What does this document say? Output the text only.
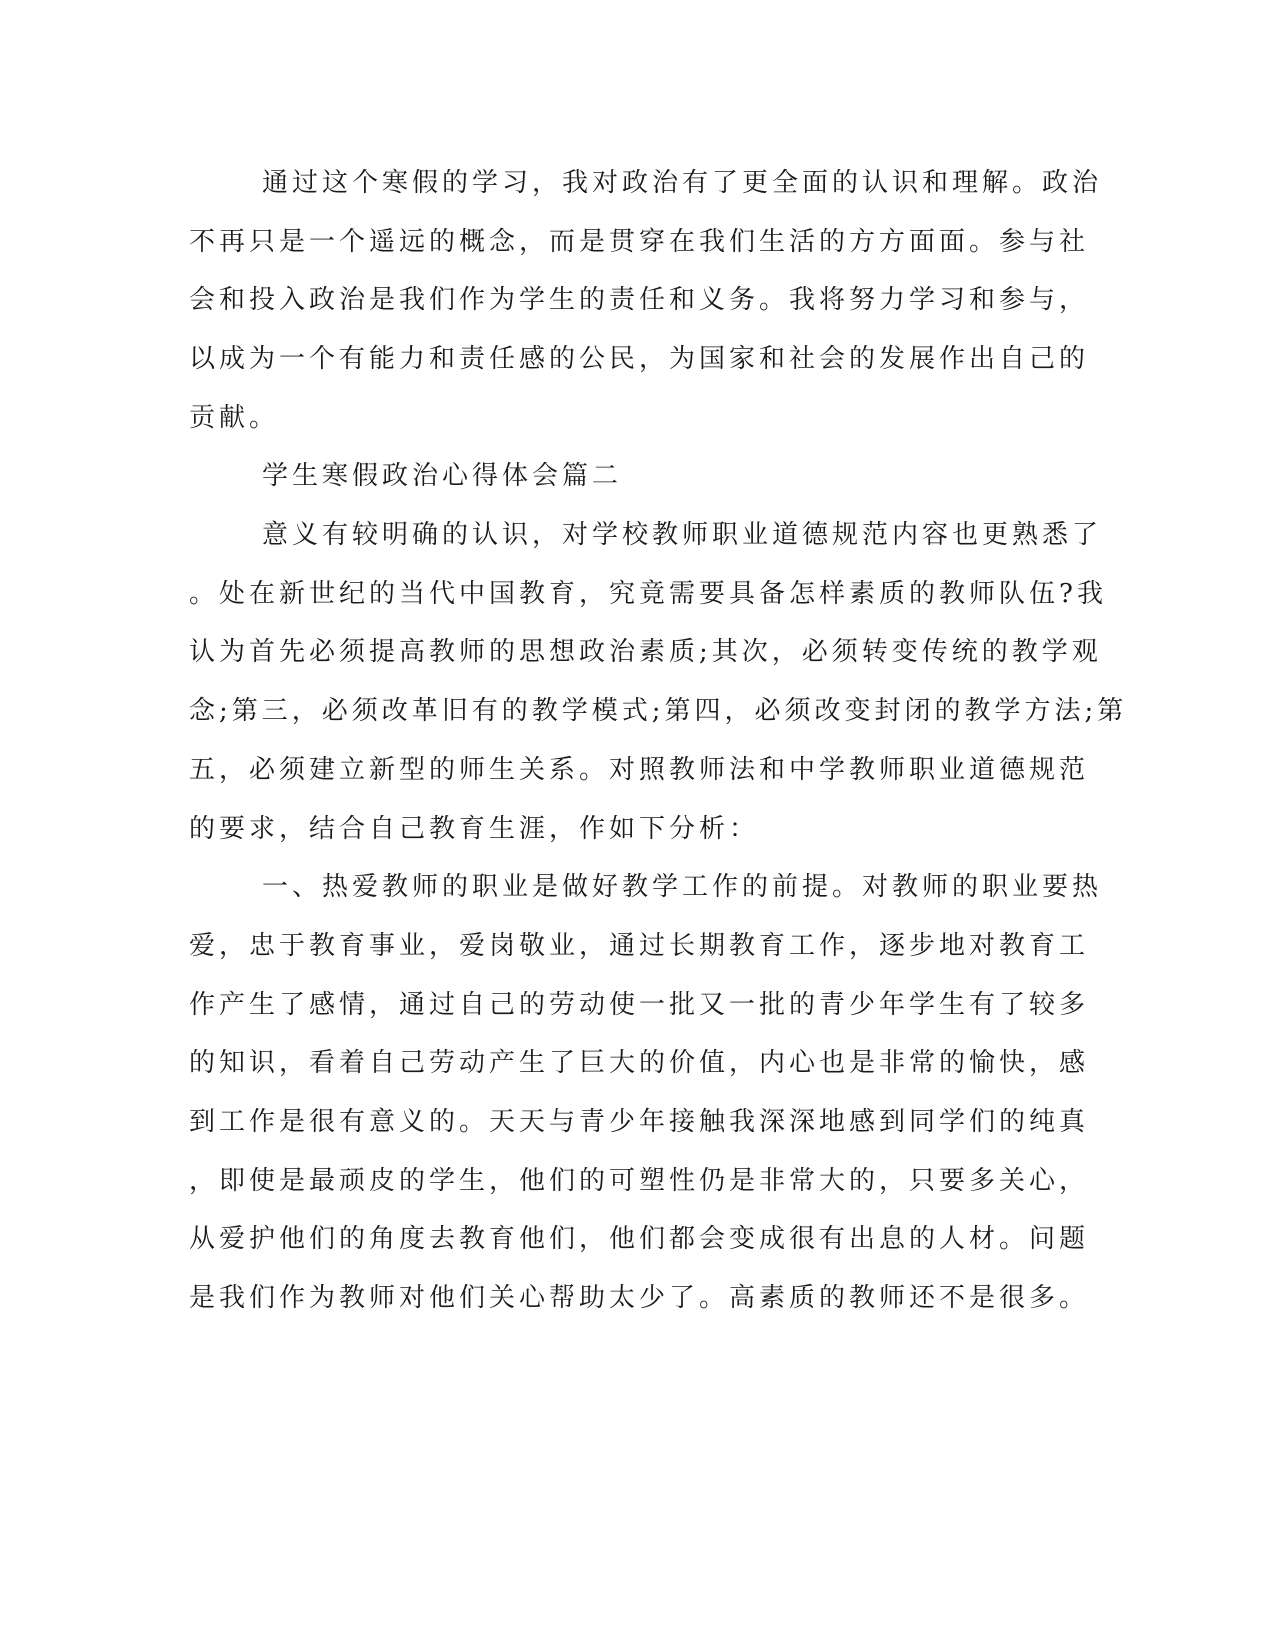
通过这个寒假的学习，我对政治有了更全面的认识和理解。政治
不再只是一个遥远的概念，而是贯穿在我们生活的方方面面。参与社
会和投入政治是我们作为学生的责任和义务。我将努力学习和参与，
以成为一个有能力和责任感的公民，为国家和社会的发展作出自己的
贡献。
学生寒假政治心得体会篇二
意义有较明确的认识，对学校教师职业道德规范内容也更熟悉了
。处在新世纪的当代中国教育，究竟需要具备怎样素质的教师队伍?我
认为首先必须提高教师的思想政治素质;其次，必须转变传统的教学观
念;第三，必须改革旧有的教学模式;第四，必须改变封闭的教学方法;第
五，必须建立新型的师生关系。对照教师法和中学教师职业道德规范
的要求，结合自己教育生涯，作如下分析：
一、热爱教师的职业是做好教学工作的前提。对教师的职业要热
爱，忠于教育事业，爱岗敬业，通过长期教育工作，逐步地对教育工
作产生了感情，通过自己的劳动使一批又一批的青少年学生有了较多
的知识，看着自己劳动产生了巨大的价值，内心也是非常的愉快，感
到工作是很有意义的。天天与青少年接触我深深地感到同学们的纯真
，即使是最顽皮的学生，他们的可塑性仍是非常大的，只要多关心，
从爱护他们的角度去教育他们，他们都会变成很有出息的人材。问题
是我们作为教师对他们关心帮助太少了。高素质的教师还不是很多。
